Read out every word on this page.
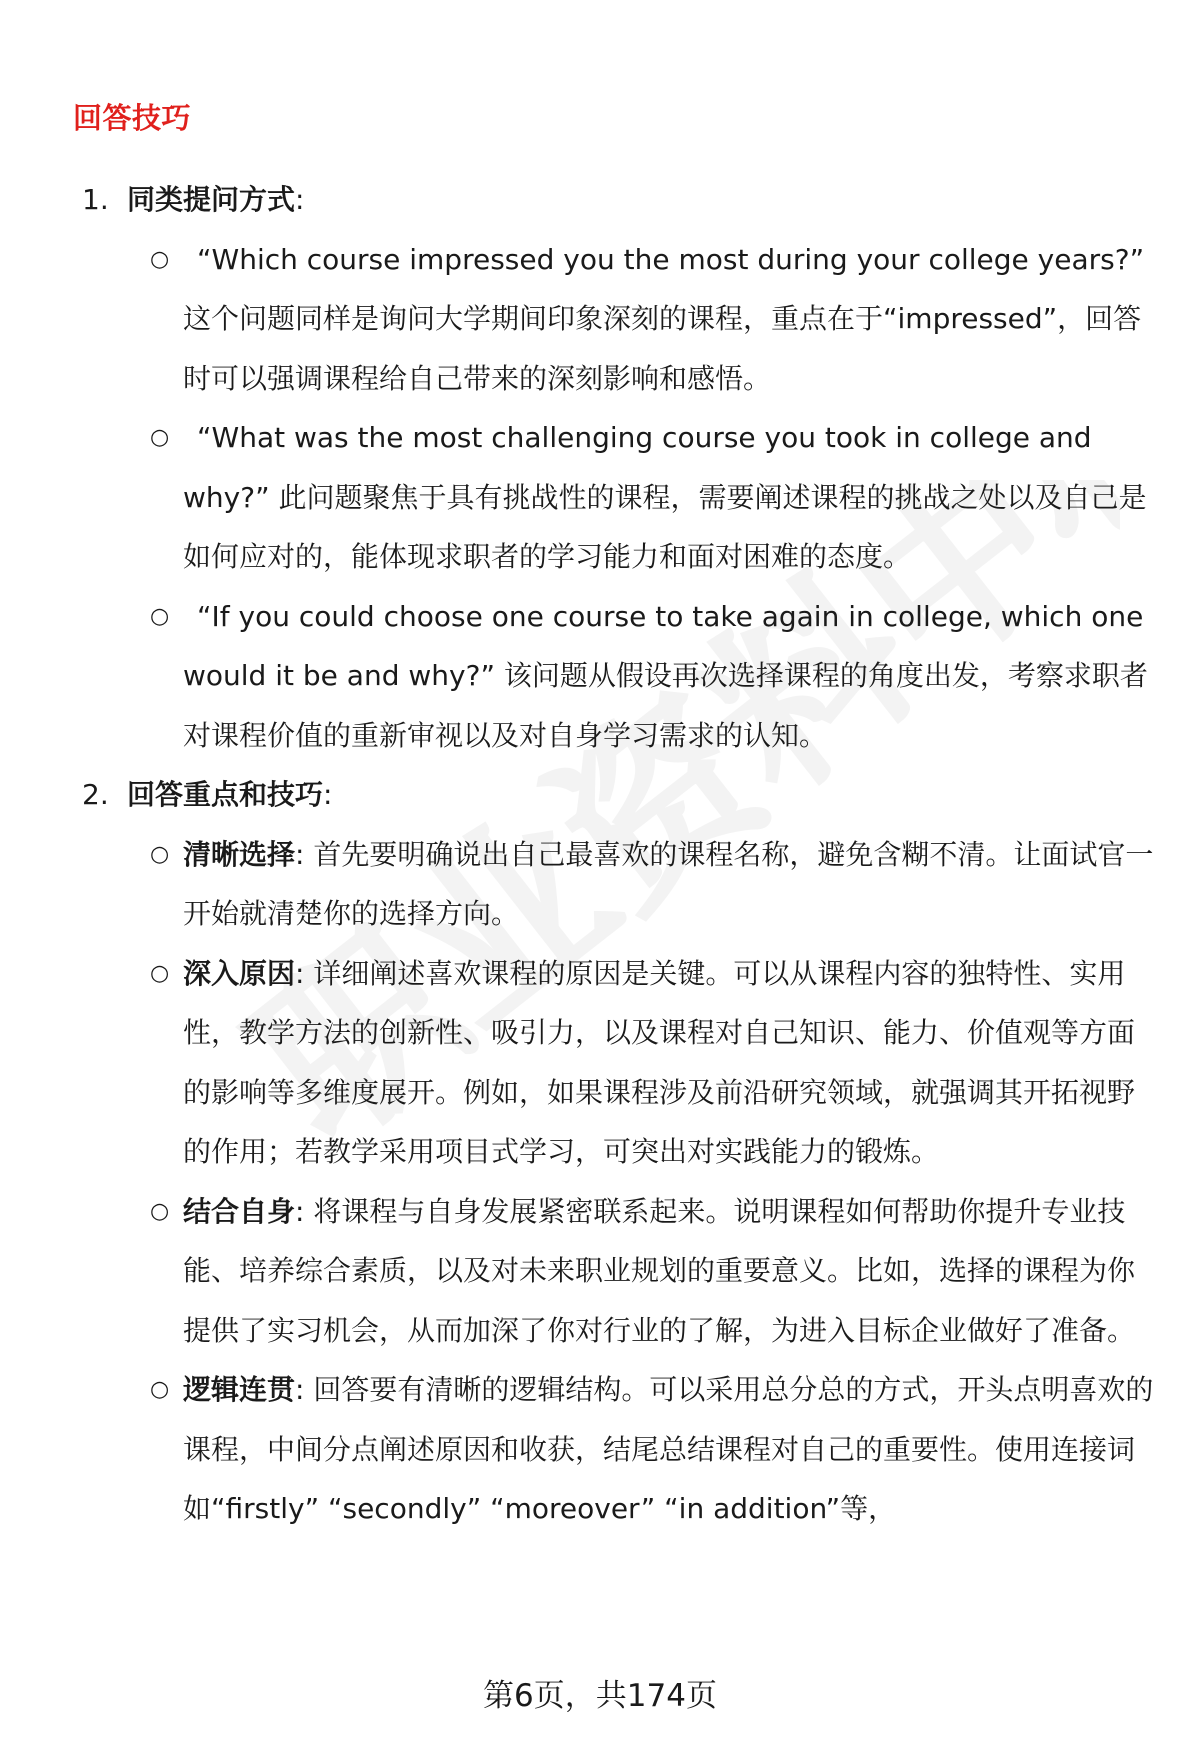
回答技巧
1. 同类提问方式:
○ “Which course impressed you the most during your college years?” 这个问题同样是询问大学期间印象深刻的课程，重点在于“impressed”，回答时可以强调课程给自己带来的深刻影响和感悟。
○ “What was the most challenging course you took in college and why?” 此问题聚焦于具有挑战性的课程，需要阐述课程的挑战之处以及自己是如何应对的，能体现求职者的学习能力和面对困难的态度。
○ “If you could choose one course to take again in college, which one would it be and why?” 该问题从假设再次选择课程的角度出发，考察求职者对课程价值的重新审视以及对自身学习需求的认知。
2. 回答重点和技巧:
○ 清晰选择: 首先要明确说出自己最喜欢的课程名称，避免含糊不清。让面试官一开始就清楚你的选择方向。
○ 深入原因: 详细阐述喜欢课程的原因是关键。可以从课程内容的独特性、实用性，教学方法的创新性、吸引力，以及课程对自己知识、能力、价值观等方面的影响等多维度展开。例如，如果课程涉及前沿研究领域，就强调其开拓视野的作用；若教学采用项目式学习，可突出对实践能力的锻炼。
○ 结合自身: 将课程与自身发展紧密联系起来。说明课程如何帮助你提升专业技能、培养综合素质，以及对未来职业规划的重要意义。比如，选择的课程为你提供了实习机会，从而加深了你对行业的了解，为进入目标企业做好了准备。
○ 逻辑连贯: 回答要有清晰的逻辑结构。可以采用总分总的方式，开头点明喜欢的课程，中间分点阐述原因和收获，结尾总结课程对自己的重要性。使用连接词如“firstly” “secondly” “moreover” “in addition”等，
第6页，共174页
